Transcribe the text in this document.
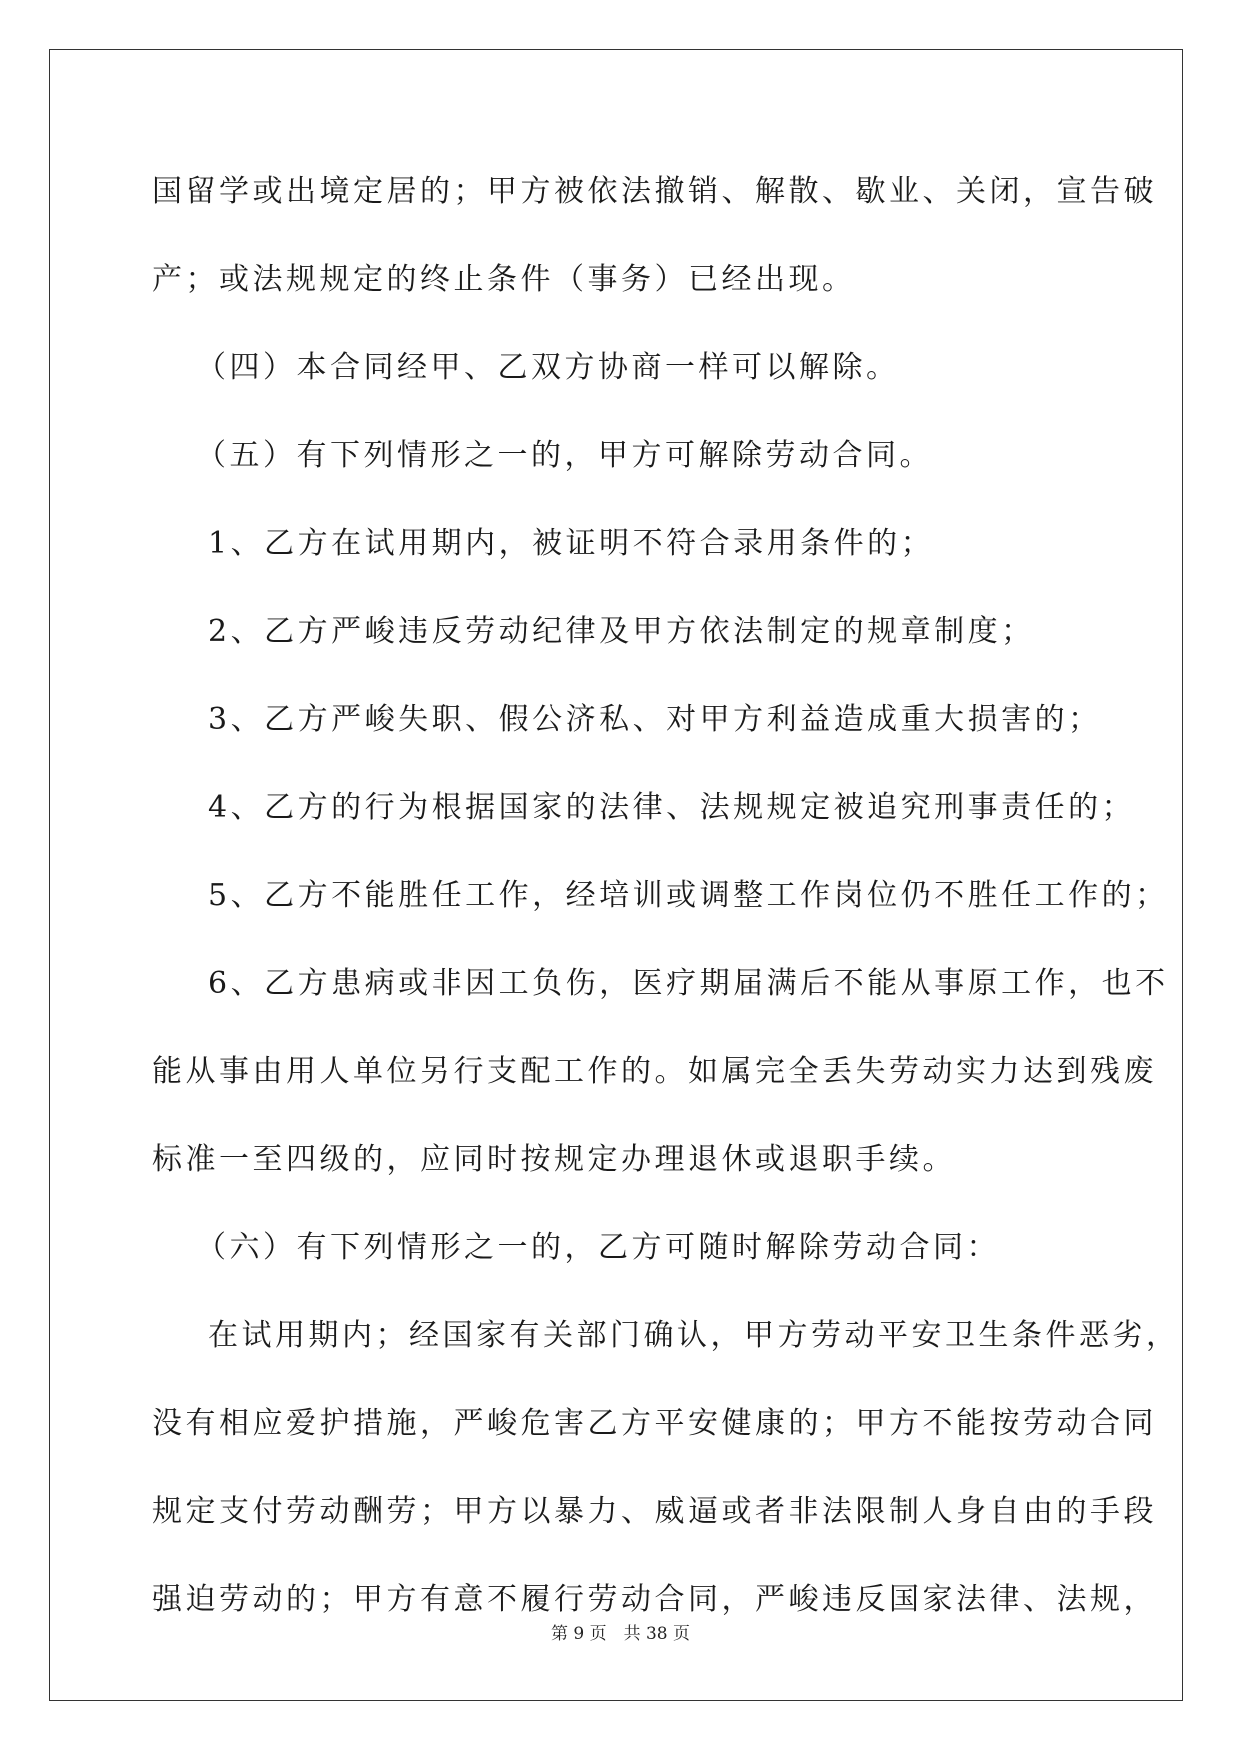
国留学或出境定居的；甲方被依法撤销、解散、歇业、关闭，宣告破
产；或法规规定的终止条件（事务）已经出现。
（四）本合同经甲、乙双方协商一样可以解除。
（五）有下列情形之一的，甲方可解除劳动合同。
1、乙方在试用期内，被证明不符合录用条件的；
2、乙方严峻违反劳动纪律及甲方依法制定的规章制度；
3、乙方严峻失职、假公济私、对甲方利益造成重大损害的；
4、乙方的行为根据国家的法律、法规规定被追究刑事责任的；
5、乙方不能胜任工作，经培训或调整工作岗位仍不胜任工作的；
6、乙方患病或非因工负伤，医疗期届满后不能从事原工作，也不
能从事由用人单位另行支配工作的。如属完全丢失劳动实力达到残废
标准一至四级的，应同时按规定办理退休或退职手续。
（六）有下列情形之一的，乙方可随时解除劳动合同：
在试用期内；经国家有关部门确认，甲方劳动平安卫生条件恶劣，
没有相应爱护措施，严峻危害乙方平安健康的；甲方不能按劳动合同
规定支付劳动酬劳；甲方以暴力、威逼或者非法限制人身自由的手段
强迫劳动的；甲方有意不履行劳动合同，严峻违反国家法律、法规，
第 9 页　共 38 页
